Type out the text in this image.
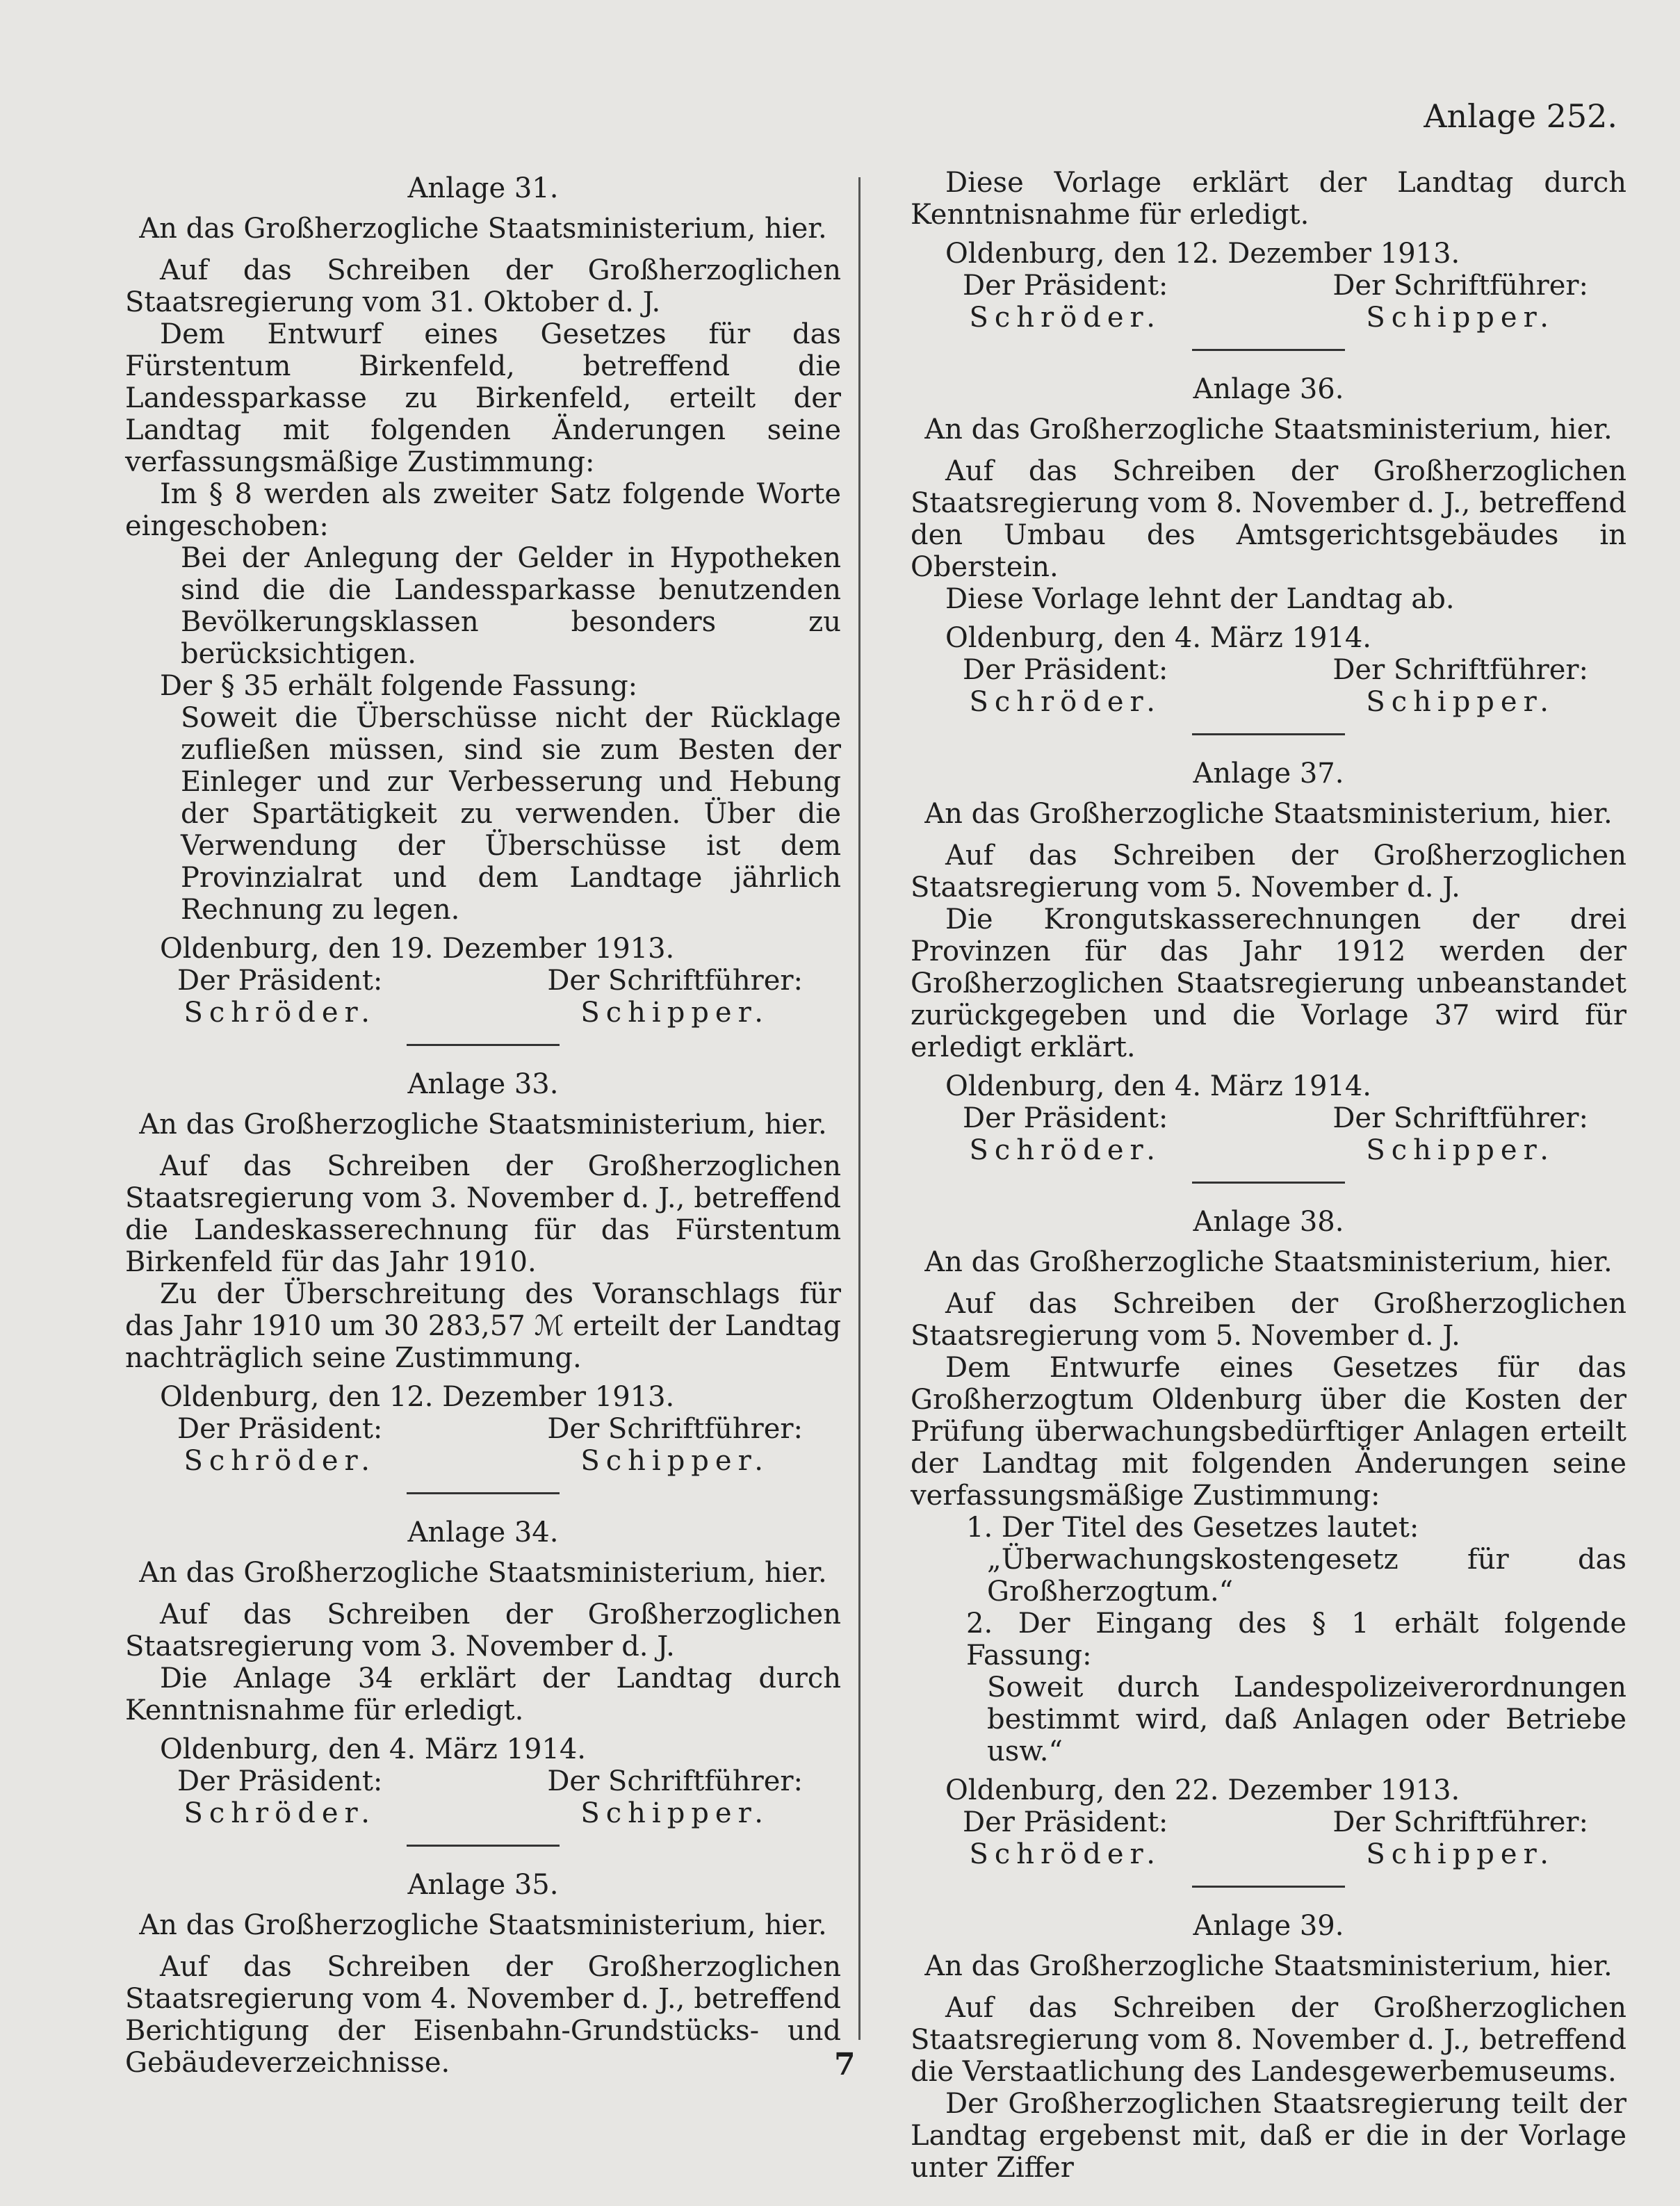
Anlage 252.
Anlage 31.
An das Großherzogliche Staatsministerium, hier.

Auf das Schreiben der Großherzoglichen Staatsregierung vom 31. Oktober d. J.

Dem Entwurf eines Gesetzes für das Fürstentum Birkenfeld, betreffend die Landessparkasse zu Birkenfeld, erteilt der Landtag mit folgenden Änderungen seine verfassungsmäßige Zustimmung:

Im § 8 werden als zweiter Satz folgende Worte eingeschoben:

Bei der Anlegung der Gelder in Hypotheken sind die die Landessparkasse benutzenden Bevölkerungsklassen besonders zu berücksichtigen.

Der § 35 erhält folgende Fassung:

Soweit die Überschüsse nicht der Rücklage zufließen müssen, sind sie zum Besten der Einleger und zur Verbesserung und Hebung der Spartätigkeit zu verwenden. Über die Verwendung der Überschüsse ist dem Provinzialrat und dem Landtage jährlich Rechnung zu legen.

Oldenburg, den 19. Dezember 1913.

Der Präsident:
Schröder.
Der Schriftführer:
Schipper.
Anlage 33.
An das Großherzogliche Staatsministerium, hier.

Auf das Schreiben der Großherzoglichen Staatsregierung vom 3. November d. J., betreffend die Landeskasserechnung für das Fürstentum Birkenfeld für das Jahr 1910.

Zu der Überschreitung des Voranschlags für das Jahr 1910 um 30 283,57 ℳ erteilt der Landtag nachträglich seine Zustimmung.

Oldenburg, den 12. Dezember 1913.

Der Präsident:
Schröder.
Der Schriftführer:
Schipper.
Anlage 34.
An das Großherzogliche Staatsministerium, hier.

Auf das Schreiben der Großherzoglichen Staatsregierung vom 3. November d. J.

Die Anlage 34 erklärt der Landtag durch Kenntnisnahme für erledigt.

Oldenburg, den 4. März 1914.

Der Präsident:
Schröder.
Der Schriftführer:
Schipper.
Anlage 35.
An das Großherzogliche Staatsministerium, hier.

Auf das Schreiben der Großherzoglichen Staatsregierung vom 4. November d. J., betreffend Berichtigung der Eisenbahn-Grundstücks- und Gebäudeverzeichnisse.

Diese Vorlage erklärt der Landtag durch Kenntnisnahme für erledigt.

Oldenburg, den 12. Dezember 1913.

Der Präsident:
Schröder.
Der Schriftführer:
Schipper.
Anlage 36.
An das Großherzogliche Staatsministerium, hier.

Auf das Schreiben der Großherzoglichen Staatsregierung vom 8. November d. J., betreffend den Umbau des Amtsgerichtsgebäudes in Oberstein.

Diese Vorlage lehnt der Landtag ab.

Oldenburg, den 4. März 1914.

Der Präsident:
Schröder.
Der Schriftführer:
Schipper.
Anlage 37.
An das Großherzogliche Staatsministerium, hier.

Auf das Schreiben der Großherzoglichen Staatsregierung vom 5. November d. J.

Die Krongutskasserechnungen der drei Provinzen für das Jahr 1912 werden der Großherzoglichen Staatsregierung unbeanstandet zurückgegeben und die Vorlage 37 wird für erledigt erklärt.

Oldenburg, den 4. März 1914.

Der Präsident:
Schröder.
Der Schriftführer:
Schipper.
Anlage 38.
An das Großherzogliche Staatsministerium, hier.

Auf das Schreiben der Großherzoglichen Staatsregierung vom 5. November d. J.

Dem Entwurfe eines Gesetzes für das Großherzogtum Oldenburg über die Kosten der Prüfung überwachungsbedürftiger Anlagen erteilt der Landtag mit folgenden Änderungen seine verfassungsmäßige Zustimmung:

1. Der Titel des Gesetzes lautet:

„Überwachungskostengesetz für das Großherzogtum.“

2. Der Eingang des § 1 erhält folgende Fassung:

Soweit durch Landespolizeiverordnungen bestimmt wird, daß Anlagen oder Betriebe usw.“

Oldenburg, den 22. Dezember 1913.

Der Präsident:
Schröder.
Der Schriftführer:
Schipper.
Anlage 39.
An das Großherzogliche Staatsministerium, hier.

Auf das Schreiben der Großherzoglichen Staatsregierung vom 8. November d. J., betreffend die Verstaatlichung des Landesgewerbemuseums.

Der Großherzoglichen Staatsregierung teilt der Landtag ergebenst mit, daß er die in der Vorlage unter Ziffer

7
